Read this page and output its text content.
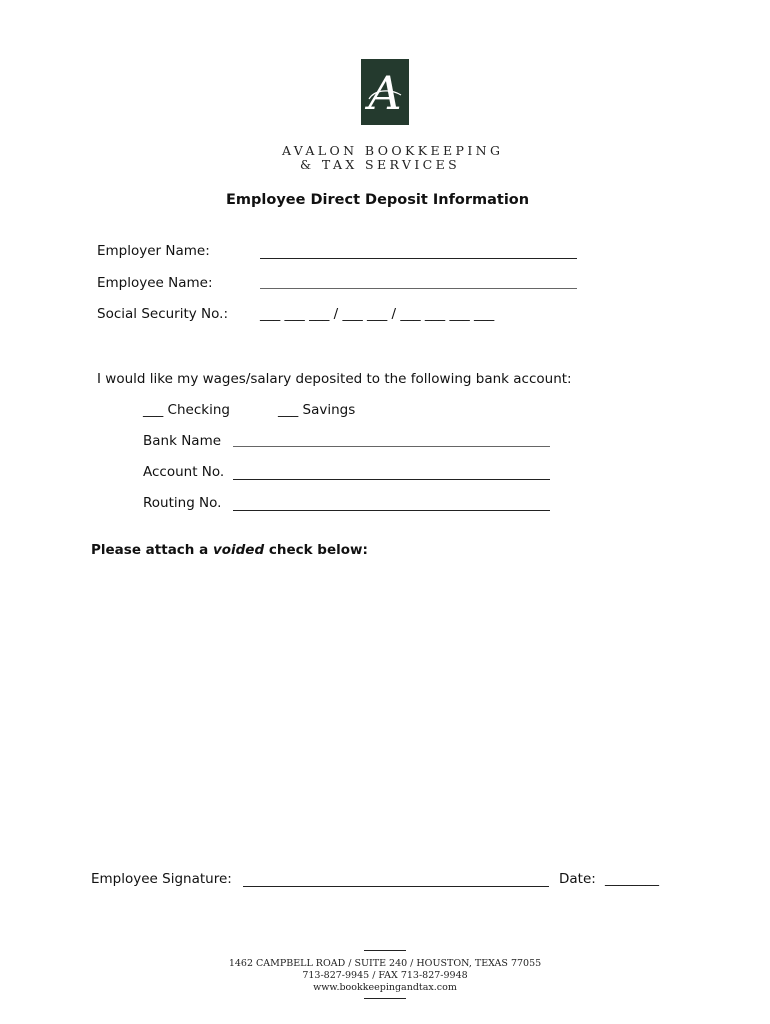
A
AVALON BOOKKEEPING
& TAX SERVICES
Employee Direct Deposit Information
Employer Name:
Employee Name:
Social Security No.: ___ ___ ___ / ___ ___ / ___ ___ ___ ___
I would like my wages/salary deposited to the following bank account:
___ Checking	___ Savings
Bank Name
Account No.
Routing No.
Please attach a voided check below:
Employee Signature:	Date: ________
1462 CAMPBELL ROAD / SUITE 240 / HOUSTON, TEXAS 77055
713-827-9945 / FAX 713-827-9948
www.bookkeepingandtax.com
